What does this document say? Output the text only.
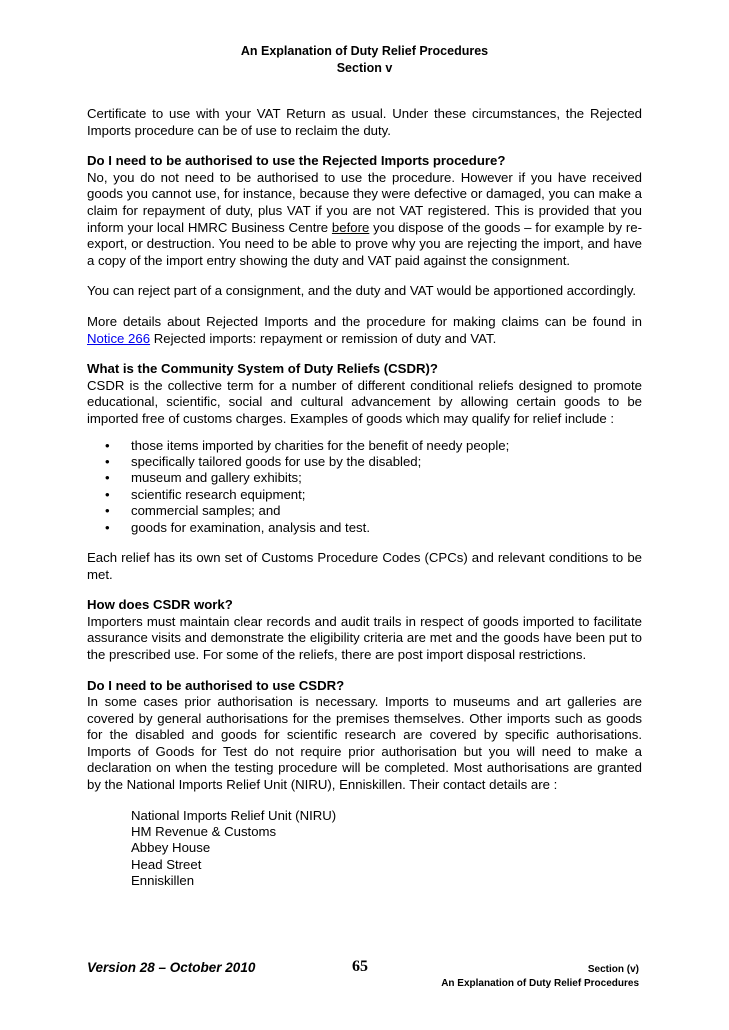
An Explanation of Duty Relief Procedures
Section v

Certificate to use with your VAT Return as usual. Under these circumstances, the Rejected Imports procedure can be of use to reclaim the duty.

Do I need to be authorised to use the Rejected Imports procedure?
No, you do not need to be authorised to use the procedure. However if you have received goods you cannot use, for instance, because they were defective or damaged, you can make a claim for repayment of duty, plus VAT if you are not VAT registered. This is provided that you inform your local HMRC Business Centre before you dispose of the goods – for example by re-export, or destruction. You need to be able to prove why you are rejecting the import, and have a copy of the import entry showing the duty and VAT paid against the consignment.

You can reject part of a consignment, and the duty and VAT would be apportioned accordingly.

More details about Rejected Imports and the procedure for making claims can be found in Notice 266 Rejected imports: repayment or remission of duty and VAT.

What is the Community System of Duty Reliefs (CSDR)?
CSDR is the collective term for a number of different conditional reliefs designed to promote educational, scientific, social and cultural advancement by allowing certain goods to be imported free of customs charges. Examples of goods which may qualify for relief include :

• those items imported by charities for the benefit of needy people;
• specifically tailored goods for use by the disabled;
• museum and gallery exhibits;
• scientific research equipment;
• commercial samples; and
• goods for examination, analysis and test.

Each relief has its own set of Customs Procedure Codes (CPCs) and relevant conditions to be met.

How does CSDR work?
Importers must maintain clear records and audit trails in respect of goods imported to facilitate assurance visits and demonstrate the eligibility criteria are met and the goods have been put to the prescribed use. For some of the reliefs, there are post import disposal restrictions.

Do I need to be authorised to use CSDR?
In some cases prior authorisation is necessary. Imports to museums and art galleries are covered by general authorisations for the premises themselves. Other imports such as goods for the disabled and goods for scientific research are covered by specific authorisations. Imports of Goods for Test do not require prior authorisation but you will need to make a declaration on when the testing procedure will be completed. Most authorisations are granted by the National Imports Relief Unit (NIRU), Enniskillen. Their contact details are :

National Imports Relief Unit (NIRU)
HM Revenue & Customs
Abbey House
Head Street
Enniskillen
Version 28 – October 2010	65	Section (v)
An Explanation of Duty Relief Procedures
